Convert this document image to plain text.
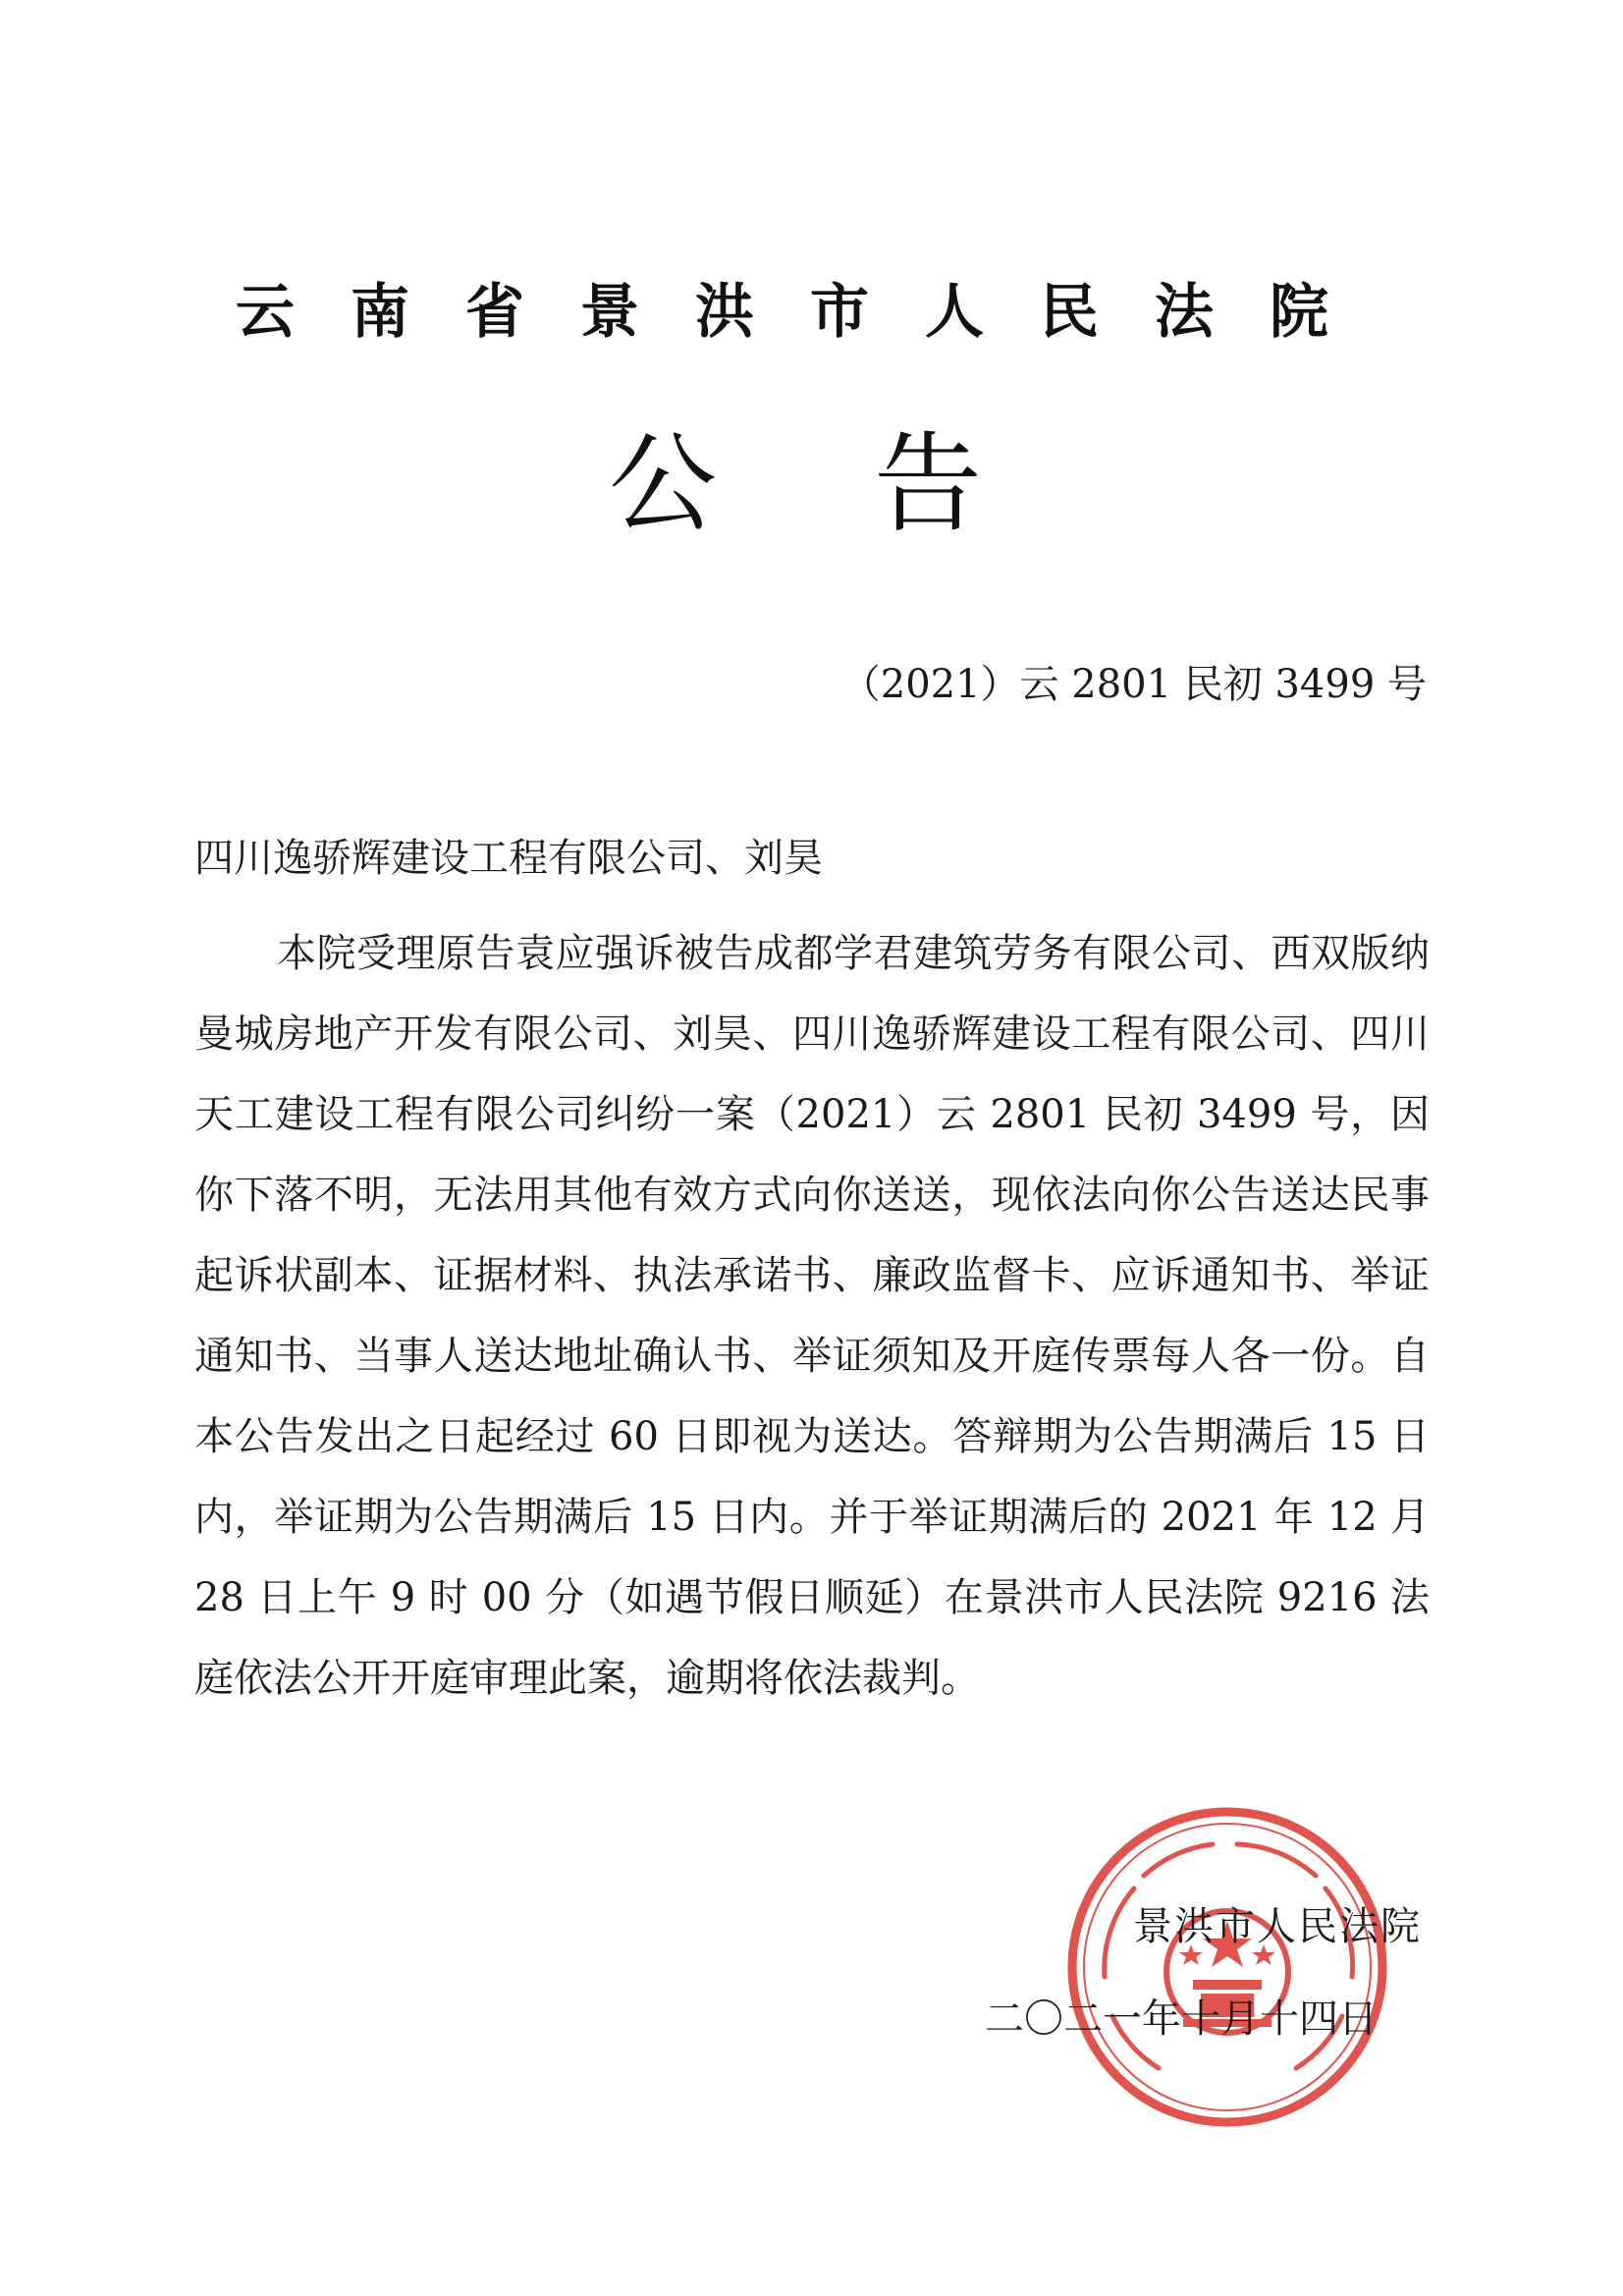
云南省景洪市人民法院
公告
（2021）云 2801 民初 3499 号
四川逸骄辉建设工程有限公司、刘昊
本院受理原告袁应强诉被告成都学君建筑劳务有限公司、西双版纳曼城房地产开发有限公司、刘昊、四川逸骄辉建设工程有限公司、四川天工建设工程有限公司纠纷一案（2021）云 2801 民初 3499 号，因你下落不明，无法用其他有效方式向你送送，现依法向你公告送达民事起诉状副本、证据材料、执法承诺书、廉政监督卡、应诉通知书、举证通知书、当事人送达地址确认书、举证须知及开庭传票每人各一份。自本公告发出之日起经过 60 日即视为送达。答辩期为公告期满后 15 日内，举证期为公告期满后 15 日内。并于举证期满后的 2021 年 12 月 28 日上午 9 时 00 分（如遇节假日顺延）在景洪市人民法院 9216 法庭依法公开开庭审理此案，逾期将依法裁判。
景洪市人民法院
二〇二一年十月十四日
